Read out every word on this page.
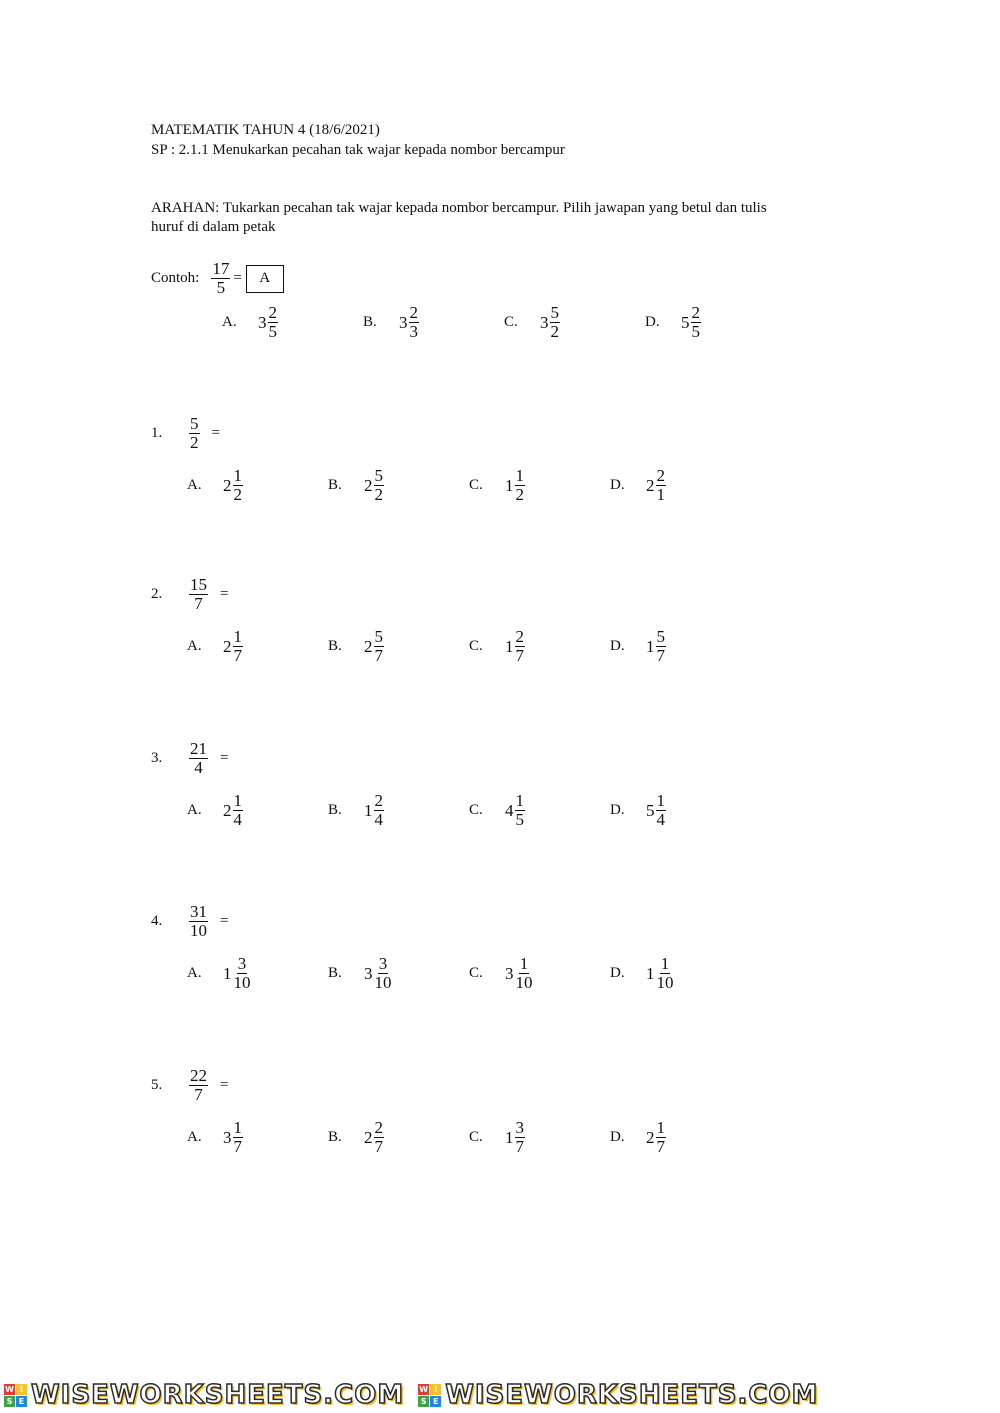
MATEMATIK TAHUN 4 (18/6/2021)
SP : 2.1.1 Menukarkan pecahan tak wajar kepada nombor bercampur
ARAHAN: Tukarkan pecahan tak wajar kepada nombor bercampur. Pilih jawapan yang betul dan tulis
huruf di dalam petak
Contoh: $\frac{17}{5} = A$
A.	$3 \frac{2}{5}$	B.	$3 \frac{2}{3}$	C.	$3 \frac{5}{2}$	D.	$5 \frac{2}{5}$
1.	$\frac{5}{2}$ =
A.	$2 \frac{1}{2}$	B.	$2 \frac{5}{2}$	C.	$1 \frac{1}{2}$	D.	$2 \frac{2}{1}$
2.	$\frac{15}{7}$ =
A.	$2 \frac{1}{7}$	B.	$2 \frac{5}{7}$	C.	$1 \frac{2}{7}$	D.	$1 \frac{5}{7}$
3.	$\frac{21}{4}$ =
A.	$2 \frac{1}{4}$	B.	$1 \frac{2}{4}$	C.	$4 \frac{1}{5}$	D.	$5 \frac{1}{4}$
4.	$\frac{31}{10}$ =
A.	$1 \frac{3}{10}$	B.	$3 \frac{3}{10}$	C.	$3 \frac{1}{10}$	D.	$1 \frac{1}{10}$
5.	$\frac{22}{7}$ =
A.	$3 \frac{1}{7}$	B.	$2 \frac{2}{7}$	C.	$1 \frac{3}{7}$	D.	$2 \frac{1}{7}$
W I
S E WISEWORKSHEETS.COM W I
S E WISEWORKSHEETS.COM
